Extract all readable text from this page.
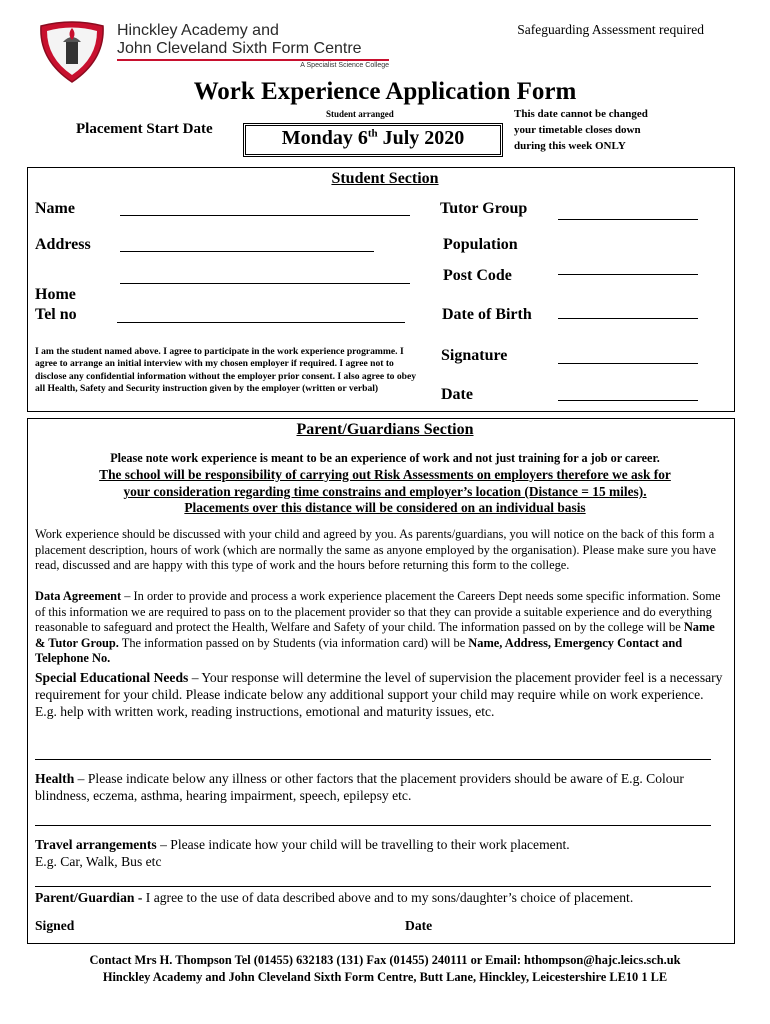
Hinckley Academy and
John Cleveland Sixth Form Centre
A Specialist Science College
Safeguarding Assessment required
Work Experience Application Form
Student arranged	This date cannot be changed
your timetable closes down
during this week ONLY
Placement Start Date	Monday 6th July 2020
Student Section
Name
Address
Home
Tel no
Tutor Group
Population
Post Code
Date of Birth
I am the student named above. I agree to participate in the work experience programme. I agree to arrange an initial interview with my chosen employer if required. I agree not to disclose any confidential information without the employer prior consent. I also agree to obey all Health, Safety and Security instruction given by the employer (written or verbal)
Signature
Date
Parent/Guardians Section
Please note work experience is meant to be an experience of work and not just training for a job or career.
The school will be responsibility of carrying out Risk Assessments on employers therefore we ask for
your consideration regarding time constrains and employer’s location (Distance = 15 miles).
Placements over this distance will be considered on an individual basis
Work experience should be discussed with your child and agreed by you. As parents/guardians, you will notice on the back of this form a placement description, hours of work (which are normally the same as anyone employed by the organisation). Please make sure you have read, discussed and are happy with this type of work and the hours before returning this form to the college.
Data Agreement – In order to provide and process a work experience placement the Careers Dept needs some specific information. Some of this information we are required to pass on to the placement provider so that they can provide a suitable experience and do everything reasonable to safeguard and protect the Health, Welfare and Safety of your child. The information passed on by the college will be Name & Tutor Group. The information passed on by Students (via information card) will be Name, Address, Emergency Contact and Telephone No.
Special Educational Needs – Your response will determine the level of supervision the placement provider feel is a necessary requirement for your child. Please indicate below any additional support your child may require while on work experience. E.g. help with written work, reading instructions, emotional and maturity issues, etc.
Health – Please indicate below any illness or other factors that the placement providers should be aware of E.g. Colour blindness, eczema, asthma, hearing impairment, speech, epilepsy etc.
Travel arrangements – Please indicate how your child will be travelling to their work placement.
E.g. Car, Walk, Bus etc
Parent/Guardian - I agree to the use of data described above and to my sons/daughter’s choice of placement.
Signed	Date
Contact Mrs H. Thompson Tel (01455) 632183 (131) Fax (01455) 240111 or Email: hthompson@hajc.leics.sch.uk
Hinckley Academy and John Cleveland Sixth Form Centre, Butt Lane, Hinckley, Leicestershire LE10 1 LE
